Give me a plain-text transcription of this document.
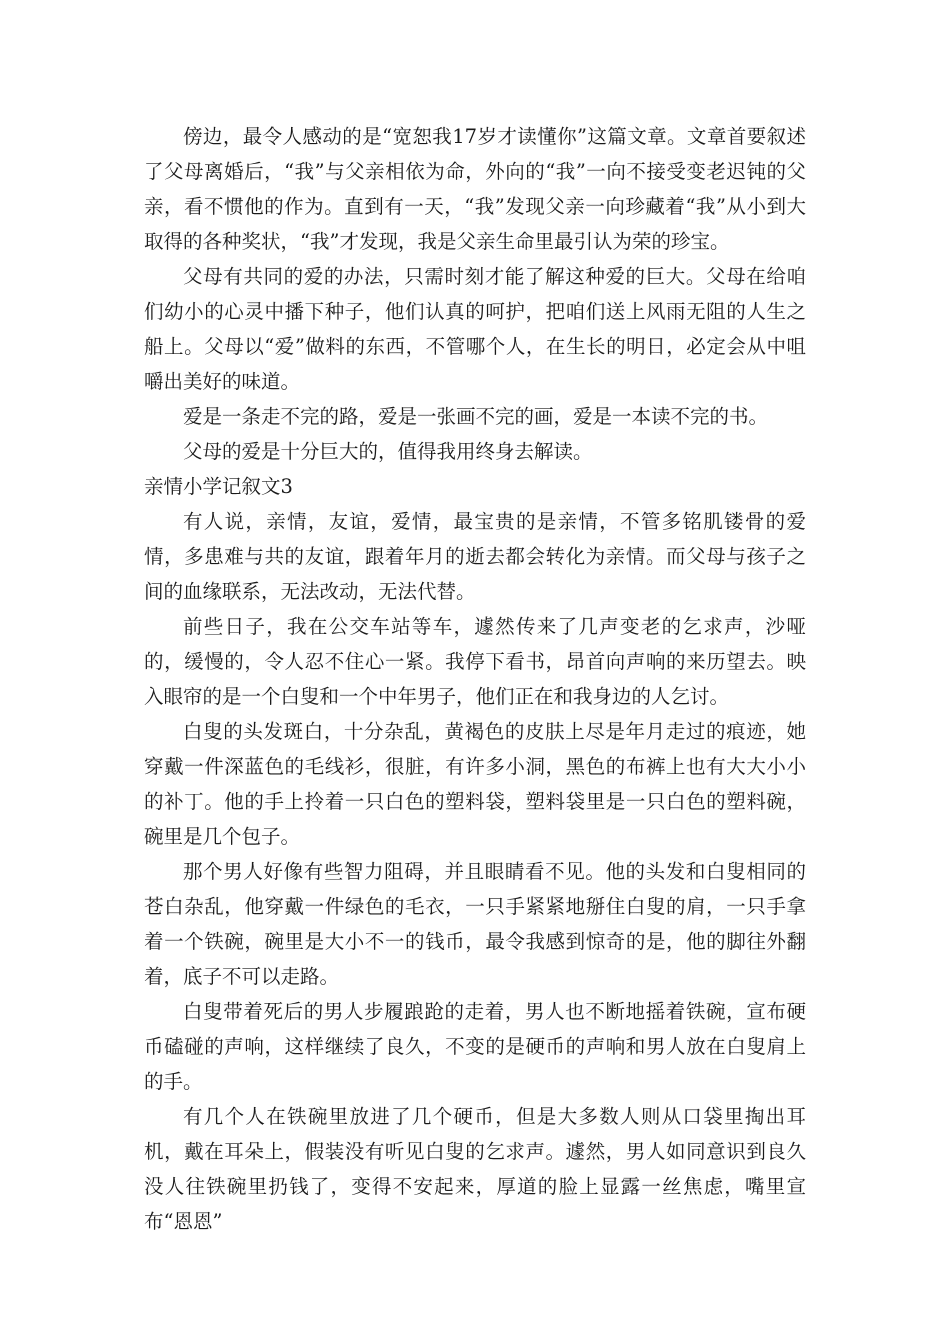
傍边，最令人感动的是“宽恕我17岁才读懂你”这篇文章。文章首要叙述了父母离婚后，“我”与父亲相依为命，外向的“我”一向不接受变老迟钝的父亲，看不惯他的作为。直到有一天，“我”发现父亲一向珍藏着“我”从小到大取得的各种奖状，“我”才发现，我是父亲生命里最引认为荣的珍宝。

父母有共同的爱的办法，只需时刻才能了解这种爱的巨大。父母在给咱们幼小的心灵中播下种子，他们认真的呵护，把咱们送上风雨无阻的人生之船上。父母以“爱”做料的东西，不管哪个人，在生长的明日，必定会从中咀嚼出美好的味道。

爱是一条走不完的路，爱是一张画不完的画，爱是一本读不完的书。

父母的爱是十分巨大的，值得我用终身去解读。

亲情小学记叙文3

有人说，亲情，友谊，爱情，最宝贵的是亲情，不管多铭肌镂骨的爱情，多患难与共的友谊，跟着年月的逝去都会转化为亲情。而父母与孩子之间的血缘联系，无法改动，无法代替。

前些日子，我在公交车站等车，遽然传来了几声变老的乞求声，沙哑的，缓慢的，令人忍不住心一紧。我停下看书，昂首向声响的来历望去。映入眼帘的是一个白叟和一个中年男子，他们正在和我身边的人乞讨。

白叟的头发斑白，十分杂乱，黄褐色的皮肤上尽是年月走过的痕迹，她穿戴一件深蓝色的毛线衫，很脏，有许多小洞，黑色的布裤上也有大大小小的补丁。他的手上拎着一只白色的塑料袋，塑料袋里是一只白色的塑料碗，碗里是几个包子。

那个男人好像有些智力阻碍，并且眼睛看不见。他的头发和白叟相同的苍白杂乱，他穿戴一件绿色的毛衣，一只手紧紧地掰住白叟的肩，一只手拿着一个铁碗，碗里是大小不一的钱币，最令我感到惊奇的是，他的脚往外翻着，底子不可以走路。

白叟带着死后的男人步履踉跄的走着，男人也不断地摇着铁碗，宣布硬币磕碰的声响，这样继续了良久，不变的是硬币的声响和男人放在白叟肩上的手。

有几个人在铁碗里放进了几个硬币，但是大多数人则从口袋里掏出耳机，戴在耳朵上，假装没有听见白叟的乞求声。遽然，男人如同意识到良久没人往铁碗里扔钱了，变得不安起来，厚道的脸上显露一丝焦虑，嘴里宣布“恩恩”
